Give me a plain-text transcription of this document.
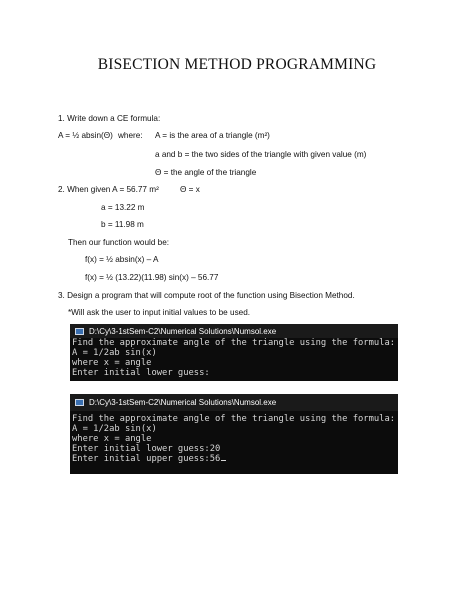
BISECTION METHOD PROGRAMMING
1. Write down a CE formula:
A = ½ absin(Θ) where: A = is the area of a triangle (m²)
a and b = the two sides of the triangle with given value (m)
Θ = the angle of the triangle
2. When given A = 56.77 m²	Θ = x
a = 13.22 m
b = 11.98 m
Then our function would be:
f(x) = ½ absin(x) – A
f(x) = ½ (13.22)(11.98) sin(x) – 56.77
3. Design a program that will compute root of the function using Bisection Method.
*Will ask the user to input initial values to be used.
D:\Cy\3-1stSem-C2\Numerical Solutions\Numsol.exe
Find the approximate angle of the triangle using the formula:
A = 1/2ab sin(x)
where x = angle
Enter initial lower guess:
D:\Cy\3-1stSem-C2\Numerical Solutions\Numsol.exe
Find the approximate angle of the triangle using the formula:
A = 1/2ab sin(x)
where x = angle
Enter initial lower guess:20
Enter initial upper guess:56
